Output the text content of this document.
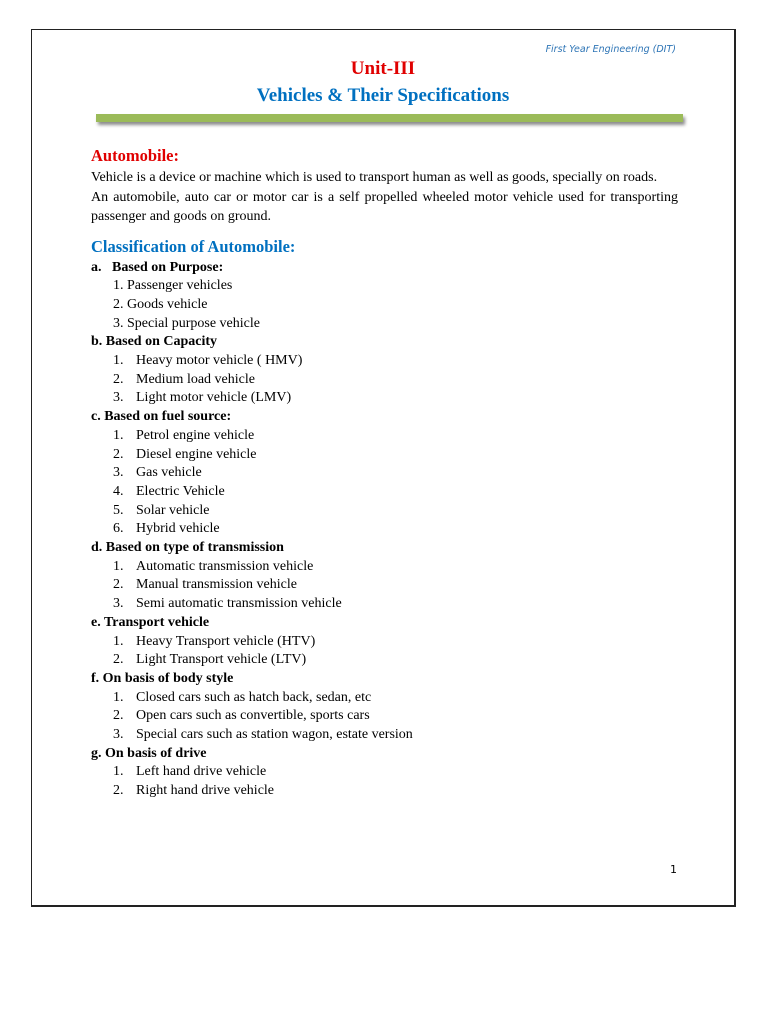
First Year Engineering (DIT)
Unit-III
Vehicles & Their Specifications
Automobile:
Vehicle is a device or machine which is used to transport human as well as goods, specially on roads.
An automobile, auto car or motor car is a self propelled wheeled motor vehicle used for transporting passenger and goods on ground.
Classification of Automobile:
a.   Based on Purpose:
1. Passenger vehicles
2. Goods vehicle
3. Special purpose vehicle
b. Based on Capacity
1. Heavy motor vehicle ( HMV)
2. Medium load vehicle
3. Light motor vehicle (LMV)
c. Based on fuel source:
1. Petrol engine vehicle
2. Diesel engine vehicle
3. Gas vehicle
4. Electric Vehicle
5. Solar vehicle
6. Hybrid vehicle
d. Based on type of transmission
1. Automatic transmission vehicle
2. Manual transmission vehicle
3. Semi automatic transmission vehicle
e. Transport vehicle
1. Heavy Transport vehicle (HTV)
2. Light Transport vehicle (LTV)
f. On basis of body style
1. Closed cars such as hatch back, sedan, etc
2. Open cars such as convertible, sports cars
3. Special cars such as station wagon, estate version
g. On basis of drive
1. Left hand drive vehicle
2. Right hand drive vehicle
1
